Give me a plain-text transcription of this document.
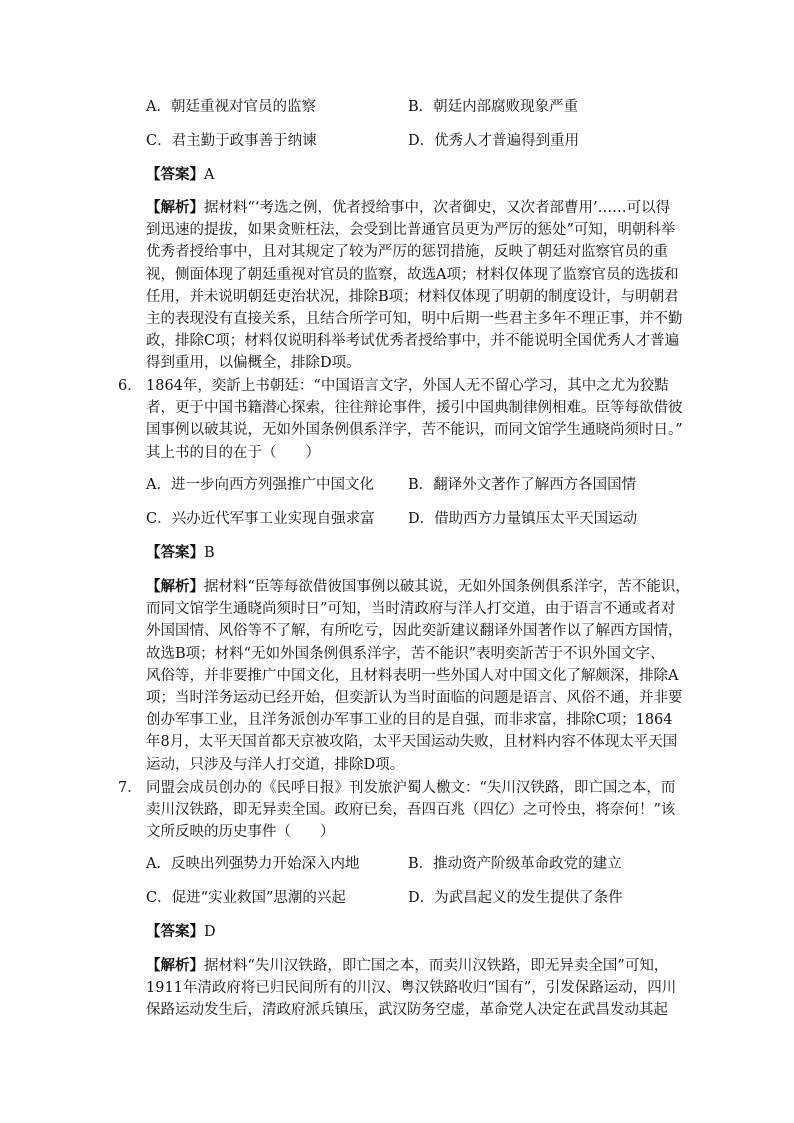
A．朝廷重视对官员的监察	B．朝廷内部腐败现象严重
C．君主勤于政事善于纳谏	D．优秀人才普遍得到重用
【答案】A
【解析】据材料“‘考选之例，优者授给事中，次者御史，又次者部曹用’……可以得
到迅速的提拔，如果贪赃枉法，会受到比普通官员更为严厉的惩处”可知，明朝科举
优秀者授给事中，且对其规定了较为严厉的惩罚措施，反映了朝廷对监察官员的重
视，侧面体现了朝廷重视对官员的监察，故选A项；材料仅体现了监察官员的选拔和
任用，并未说明朝廷吏治状况，排除B项；材料仅体现了明朝的制度设计，与明朝君
主的表现没有直接关系，且结合所学可知，明中后期一些君主多年不理正事，并不勤
政，排除C项；材料仅说明科举考试优秀者授给事中，并不能说明全国优秀人才普遍
得到重用，以偏概全，排除D项。
6． 1864年，奕訢上书朝廷：“中国语言文字，外国人无不留心学习，其中之尤为狡黠
者，更于中国书籍潜心探索，往往辩论事件，援引中国典制律例相难。臣等每欲借彼
国事例以破其说，无如外国条例俱系洋字，苦不能识，而同文馆学生通晓尚须时日。”
其上书的目的在于（　　）
A．进一步向西方列强推广中国文化 B．翻译外文著作了解西方各国国情
C．兴办近代军事工业实现自强求富 D．借助西方力量镇压太平天国运动
【答案】B
【解析】据材料“臣等每欲借彼国事例以破其说，无如外国条例俱系洋字，苦不能识，
而同文馆学生通晓尚须时日”可知，当时清政府与洋人打交道，由于语言不通或者对
外国国情、风俗等不了解，有所吃亏，因此奕訢建议翻译外国著作以了解西方国情，
故选B项；材料“无如外国条例俱系洋字，苦不能识”表明奕訢苦于不识外国文字、
风俗等，并非要推广中国文化，且材料表明一些外国人对中国文化了解颇深，排除A
项；当时洋务运动已经开始，但奕訢认为当时面临的问题是语言、风俗不通，并非要
创办军事工业，且洋务派创办军事工业的目的是自强，而非求富，排除C项；1864
年8月，太平天国首都天京被攻陷，太平天国运动失败，且材料内容不体现太平天国
运动，只涉及与洋人打交道，排除D项。
7． 同盟会成员创办的《民呼日报》刊发旅沪蜀人檄文：“失川汉铁路，即亡国之本，而
卖川汉铁路，即无异卖全国。政府已矣，吾四百兆（四亿）之可怜虫，将奈何！”该
文所反映的历史事件（　　）
A．反映出列强势力开始深入内地	B．推动资产阶级革命政党的建立
C．促进“实业救国”思潮的兴起	D．为武昌起义的发生提供了条件
【答案】D
【解析】据材料“失川汉铁路，即亡国之本，而卖川汉铁路，即无异卖全国”可知，
1911年清政府将已归民间所有的川汉、粤汉铁路收归“国有”，引发保路运动，四川
保路运动发生后，清政府派兵镇压，武汉防务空虚，革命党人决定在武昌发动其起
